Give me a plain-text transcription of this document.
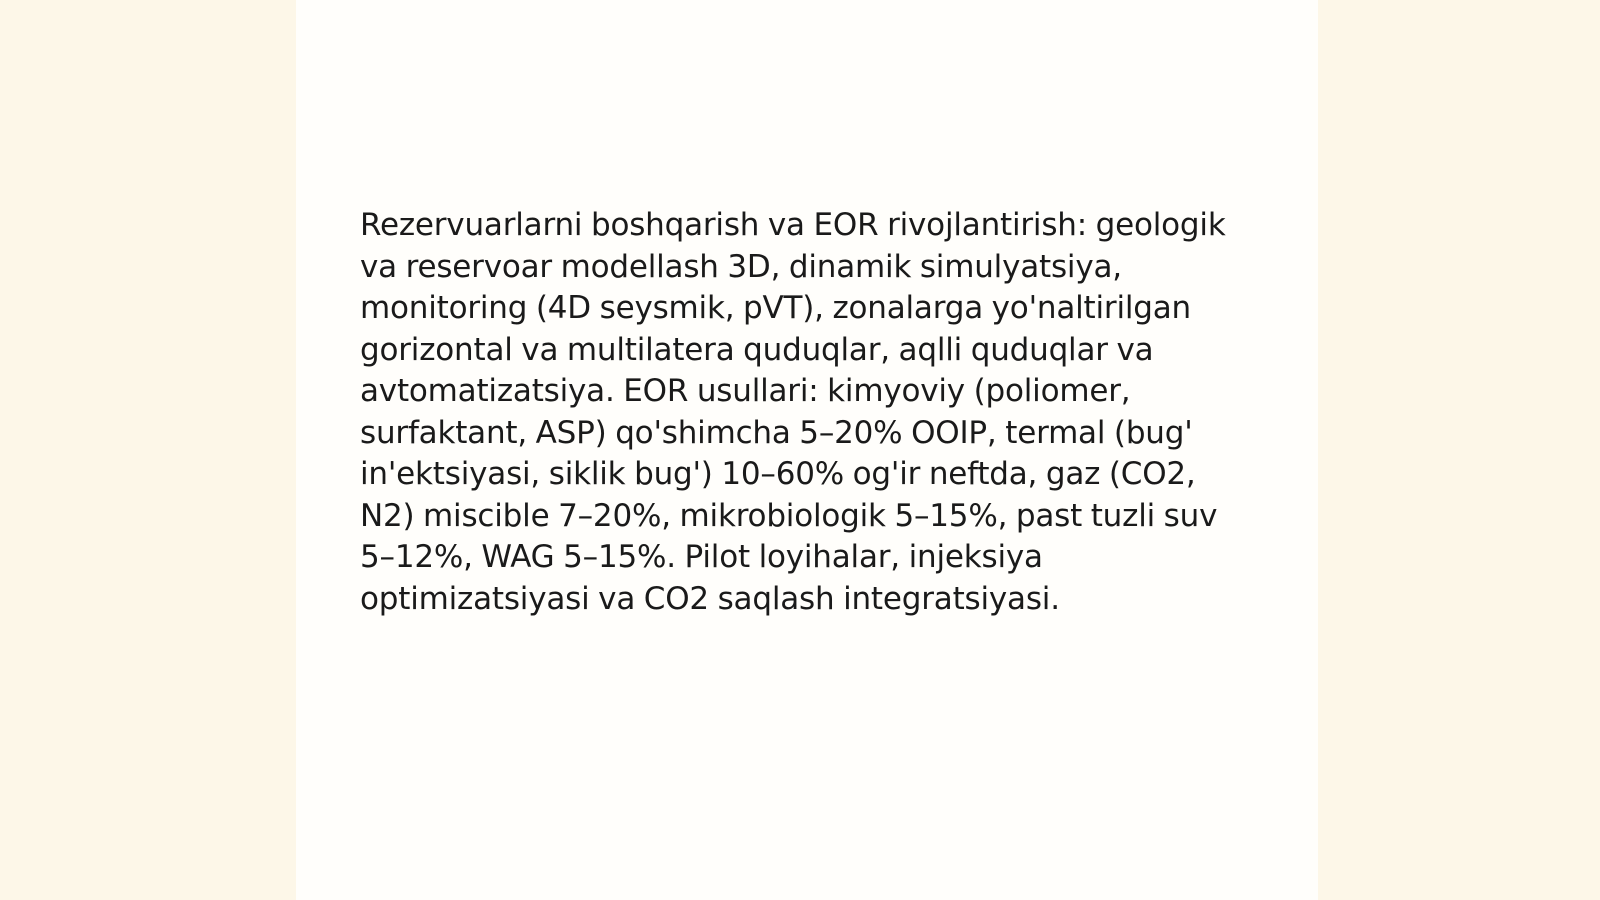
Rezervuarlarni boshqarish va EOR rivojlantirish: geologik va reservoar modellash 3D, dinamik simulyatsiya, monitoring (4D seysmik, pVT), zonalarga yo'naltirilgan gorizontal va multilatera quduqlar, aqlli quduqlar va avtomatizatsiya. EOR usullari: kimyoviy (poliomer, surfaktant, ASP) qo'shimcha 5–20% OOIP, termal (bug' in'ektsiyasi, siklik bug') 10–60% og'ir neftda, gaz (CO2, N2) miscible 7–20%, mikrobiologik 5–15%, past tuzli suv 5–12%, WAG 5–15%. Pilot loyihalar, injeksiya optimizatsiyasi va CO2 saqlash integratsiyasi.
